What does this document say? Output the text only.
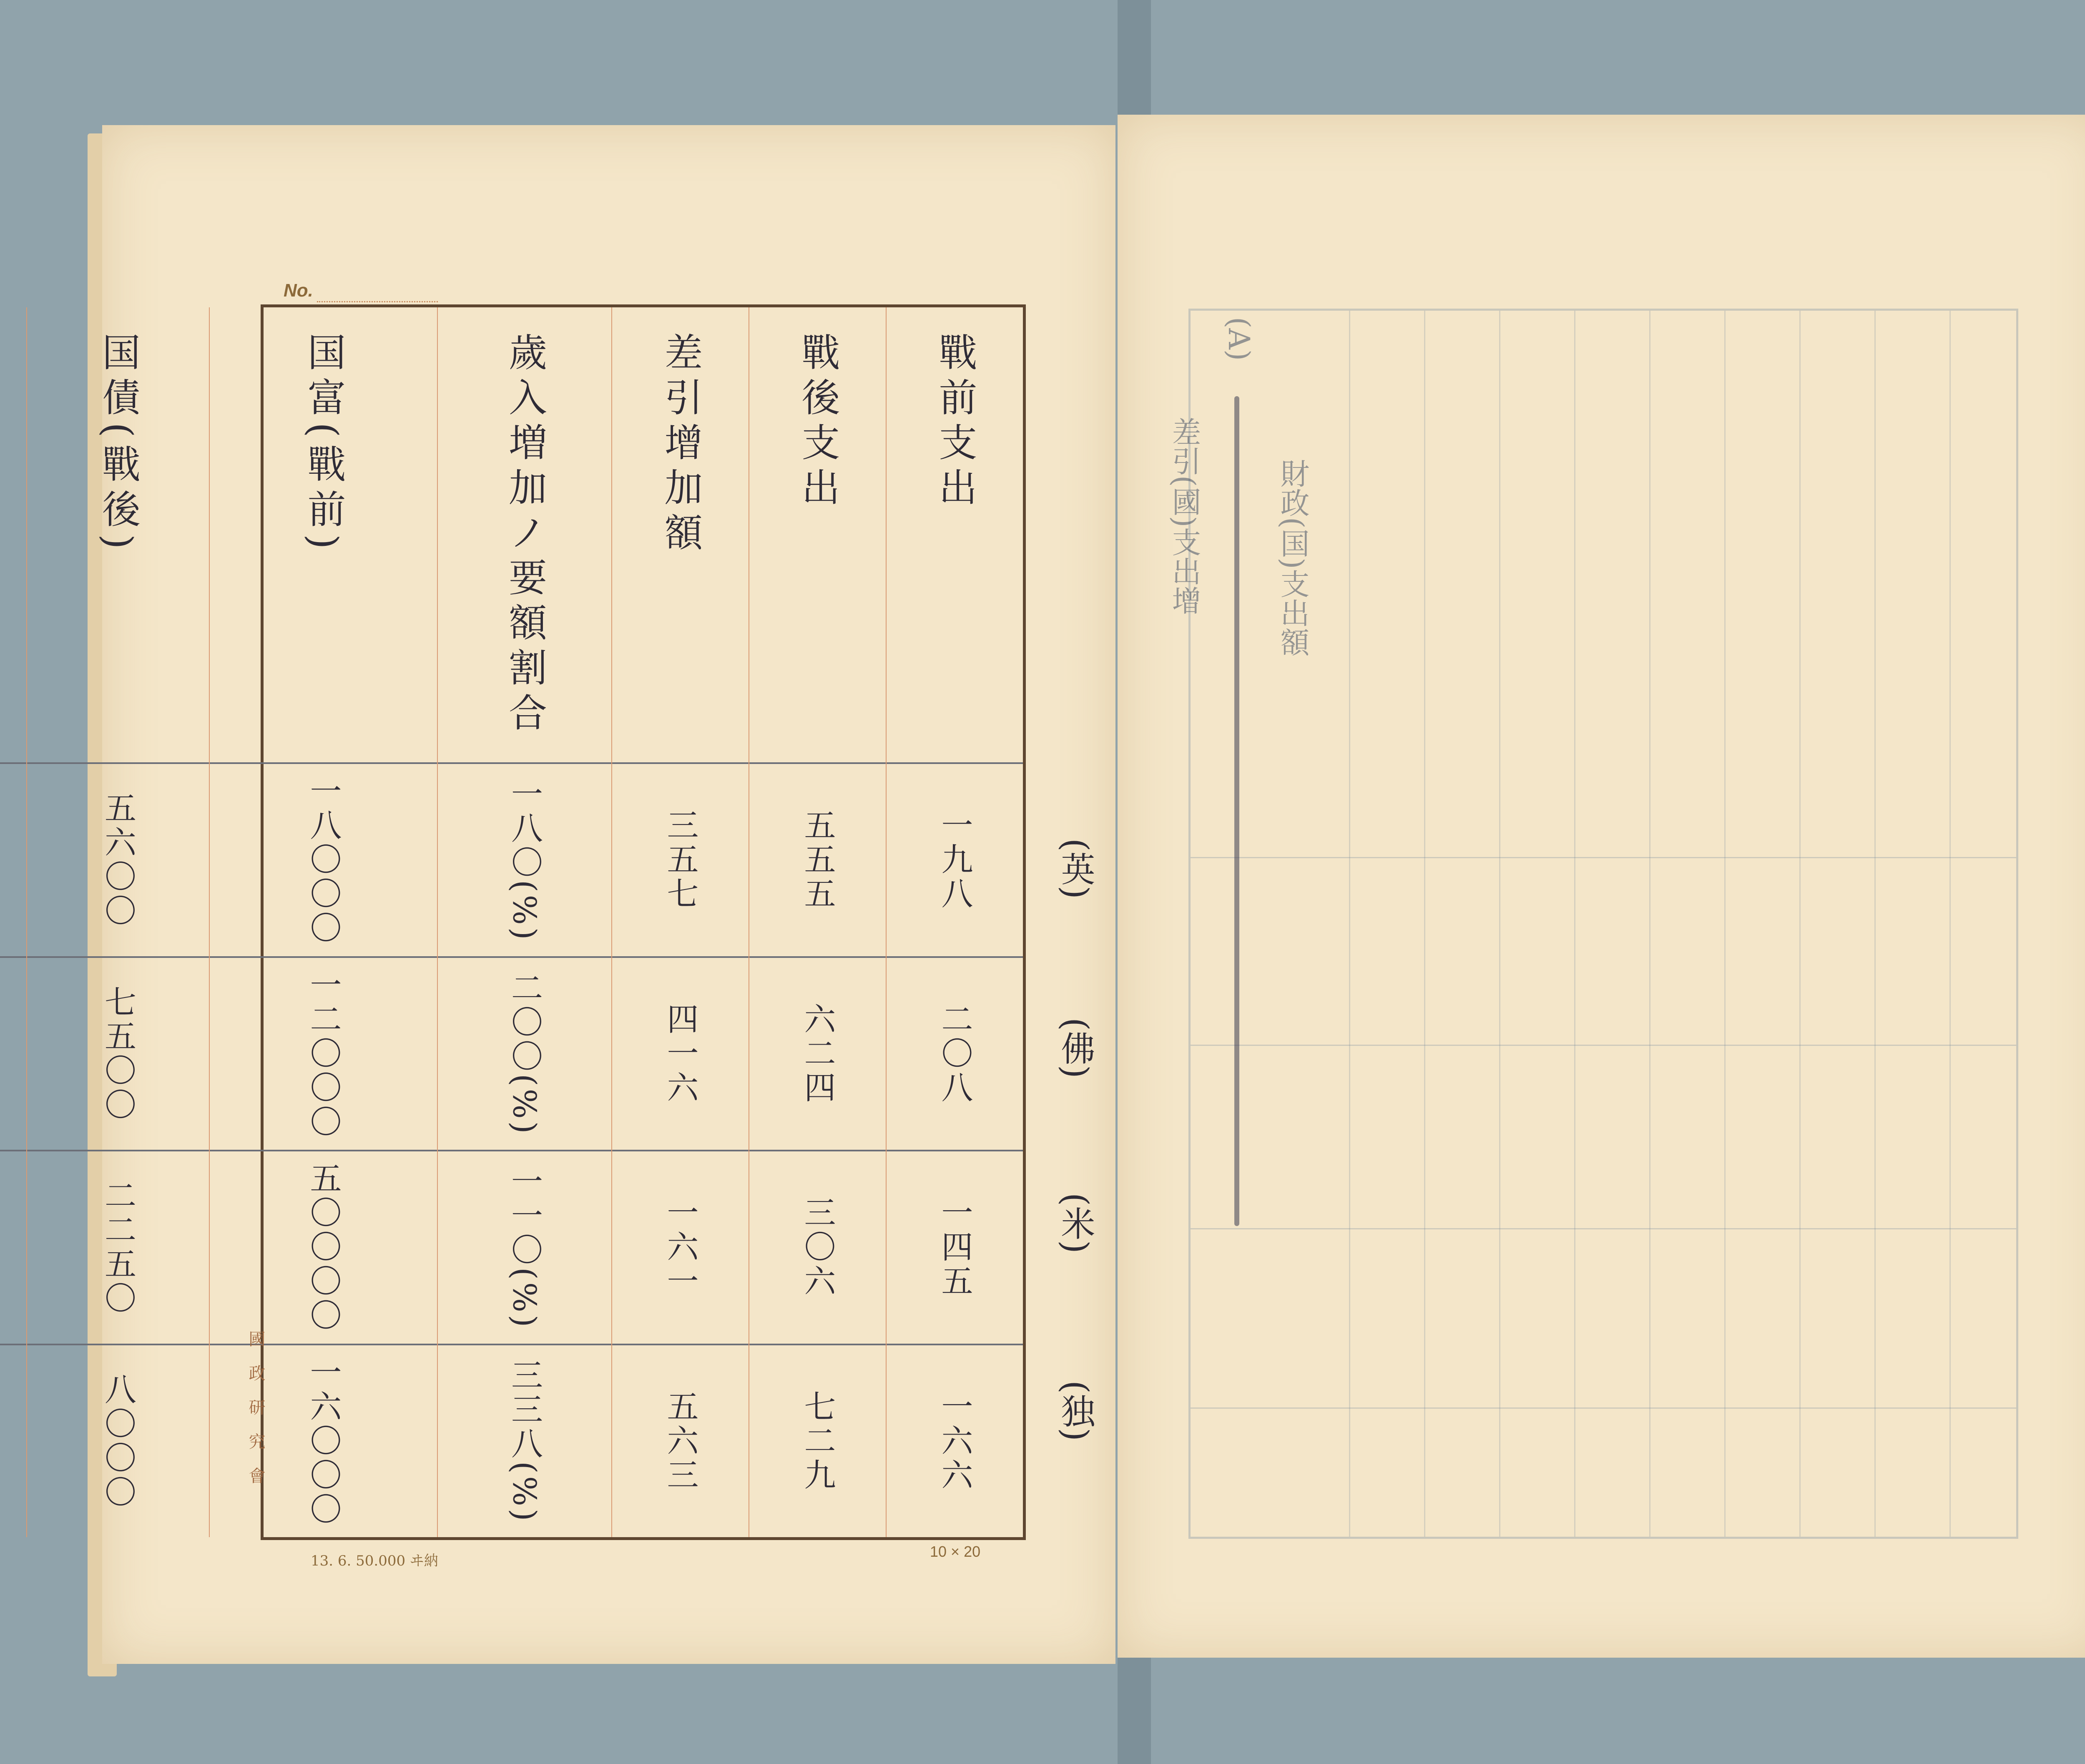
No.
戰前支出
一九八
二〇八
一四五
一六六
戰後支出
五五五
六二四
三〇六
七二九
差引增加額
三五七
四一六
一六一
五六三
歲入増加ノ要額割合
一八〇(%)
二〇〇(%)
一一〇(%)
三三八(%)
国富(戰前)
一八〇〇〇
一二〇〇〇
五〇〇〇〇
一六〇〇〇
国債(戰後)
五六〇〇
七五〇〇
二二五〇
八〇〇〇
(英)
(佛)
(米)
(独)
國政研究會
13. 6. 50.000 ヰ納
10 × 20
(A)
差引(國)支出增	財政(国)支出額
